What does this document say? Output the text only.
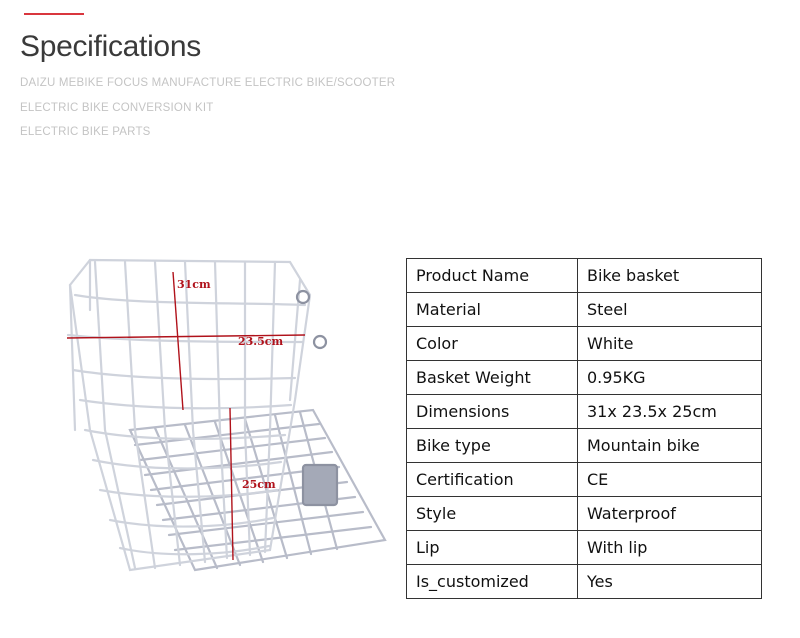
Specifications
DAIZU MEBIKE FOCUS MANUFACTURE ELECTRIC BIKE/SCOOTER
ELECTRIC BIKE CONVERSION KIT
ELECTRIC BIKE PARTS
31cm
23.5cm
25cm
Product Name	Bike basket
Material	Steel
Color	White
Basket Weight	0.95KG
Dimensions	31x 23.5x 25cm
Bike type	Mountain bike
Certification	CE
Style	Waterproof
Lip	With lip
Is_customized	Yes
